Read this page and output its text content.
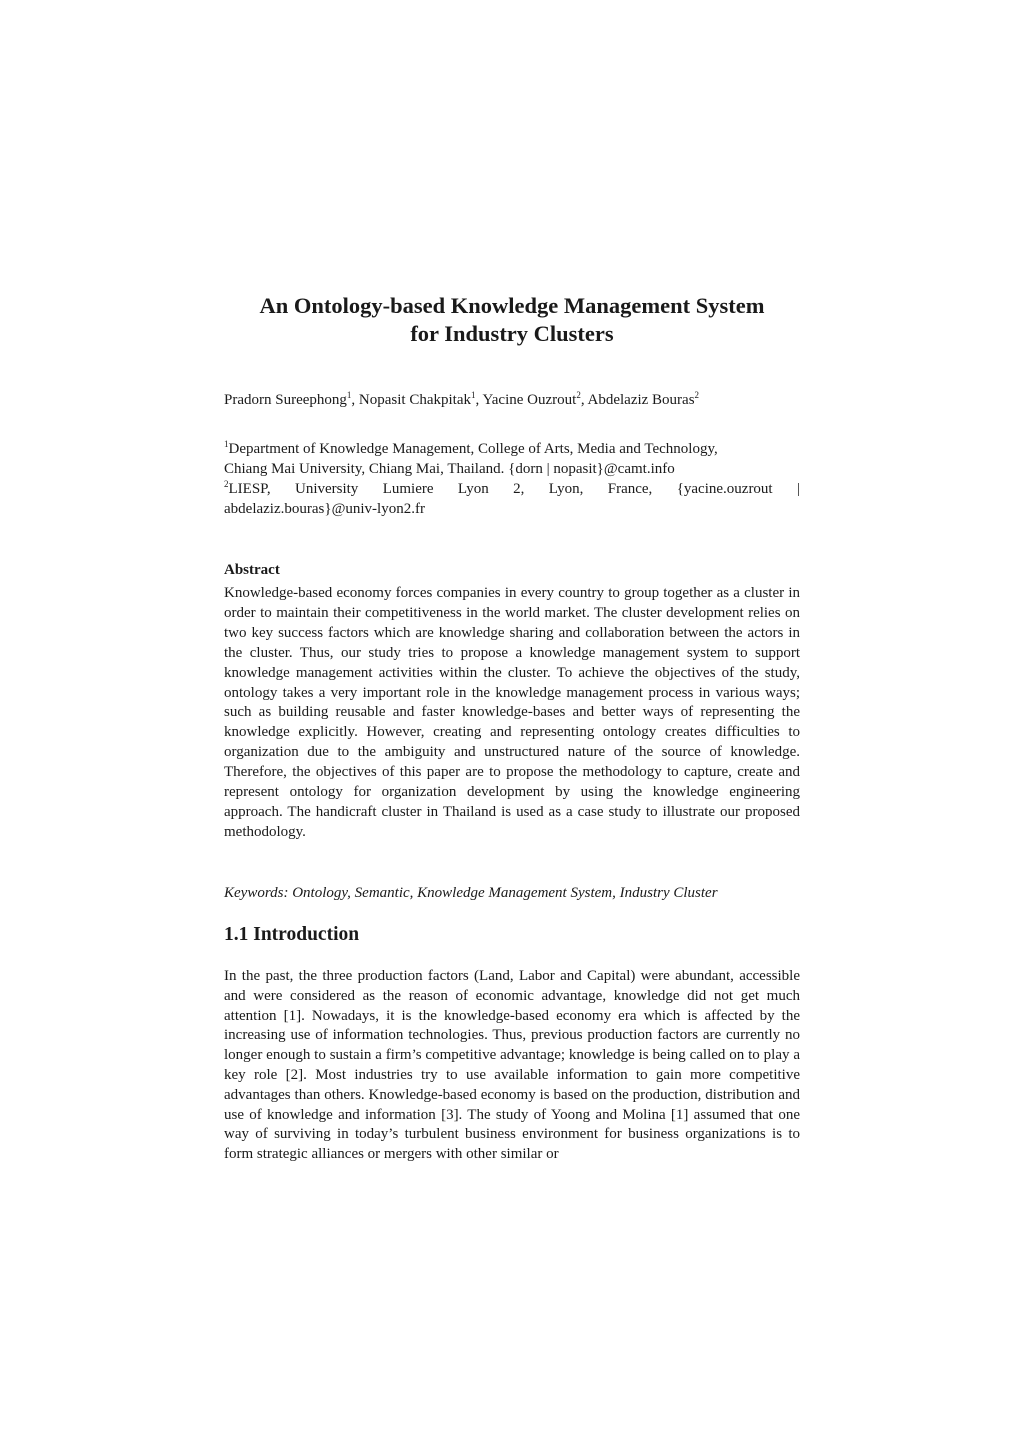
An Ontology-based Knowledge Management System
for Industry Clusters
Pradorn Sureephong$^1$, Nopasit Chakpitak$^1$, Yacine Ouzrout$^2$, Abdelaziz Bouras$^2$
$^1$Department of Knowledge Management, College of Arts, Media and Technology,
Chiang Mai University, Chiang Mai, Thailand. {dorn | nopasit}@camt.info
$^2$LIESP, University Lumiere Lyon 2, Lyon, France, {yacine.ouzrout |
abdelaziz.bouras}@univ-lyon2.fr
Abstract

Knowledge-based economy forces companies in every country to group together as a cluster in order to maintain their competitiveness in the world market. The cluster development relies on two key success factors which are knowledge sharing and collaboration between the actors in the cluster. Thus, our study tries to propose a knowledge management system to support knowledge management activities within the cluster. To achieve the objectives of the study, ontology takes a very important role in the knowledge management process in various ways; such as building reusable and faster knowledge-bases and better ways of representing the knowledge explicitly. However, creating and representing ontology creates difficulties to organization due to the ambiguity and unstructured nature of the source of knowledge. Therefore, the objectives of this paper are to propose the methodology to capture, create and represent ontology for organization development by using the knowledge engineering approach. The handicraft cluster in Thailand is used as a case study to illustrate our proposed methodology.

Keywords: Ontology, Semantic, Knowledge Management System, Industry Cluster

1.1 Introduction

In the past, the three production factors (Land, Labor and Capital) were abundant, accessible and were considered as the reason of economic advantage, knowledge did not get much attention [1]. Nowadays, it is the knowledge-based economy era which is affected by the increasing use of information technologies. Thus, previous production factors are currently no longer enough to sustain a firm’s competitive advantage; knowledge is being called on to play a key role [2]. Most industries try to use available information to gain more competitive advantages than others. Knowledge-based economy is based on the production, distribution and use of knowledge and information [3]. The study of Yoong and Molina [1] assumed that one way of surviving in today’s turbulent business environment for business organizations is to form strategic alliances or mergers with other similar or
